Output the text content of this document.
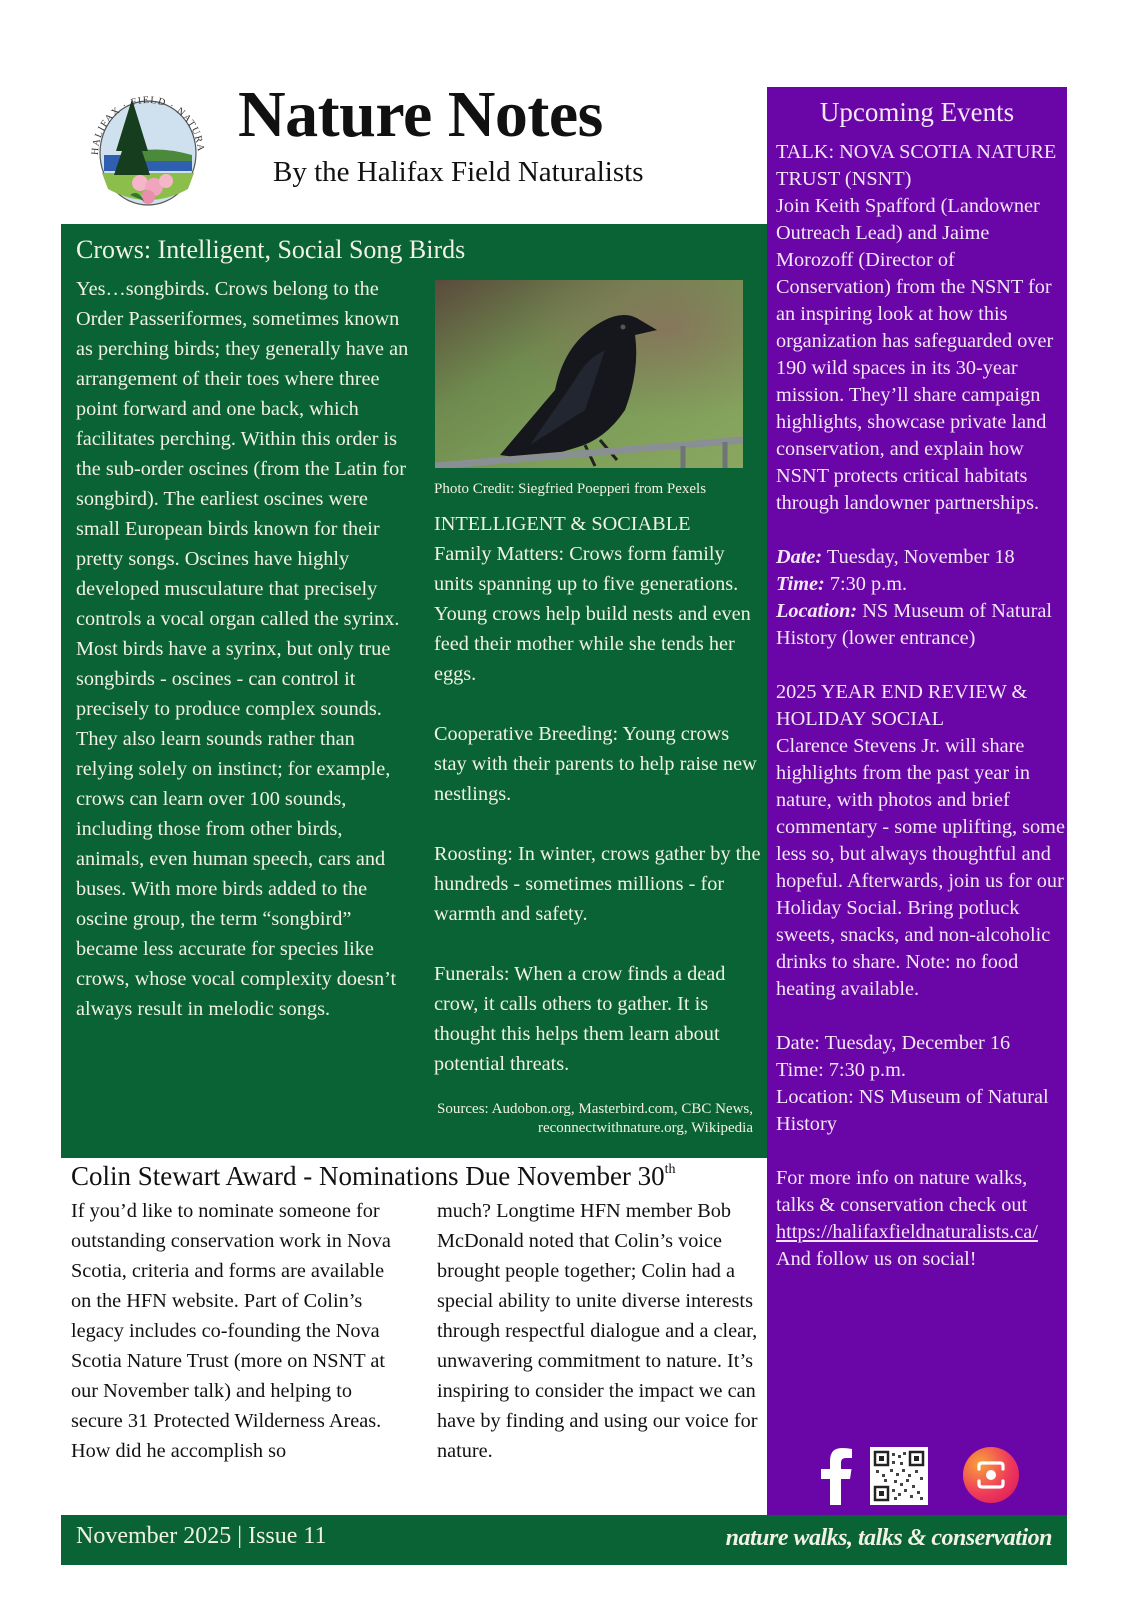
HALIFAX · FIELD · NATURA Nature Notes
By the Halifax Field Naturalists
Crows: Intelligent, Social Song Birds
Yes…songbirds. Crows belong to the Order Passeriformes, sometimes known as perching birds; they generally have an arrangement of their toes where three point forward and one back, which facilitates perching. Within this order is the sub-order oscines (from the Latin for songbird). The earliest oscines were small European birds known for their pretty songs. Oscines have highly developed musculature that precisely controls a vocal organ called the syrinx. Most birds have a syrinx, but only true songbirds - oscines - can control it precisely to produce complex sounds. They also learn sounds rather than relying solely on instinct; for example, crows can learn over 100 sounds, including those from other birds, animals, even human speech, cars and buses. With more birds added to the oscine group, the term “songbird” became less accurate for species like crows, whose vocal complexity doesn’t always result in melodic songs.
Photo Credit: Siegfried Poepperi from Pexels

INTELLIGENT & SOCIABLE

Family Matters: Crows form family units spanning up to five generations. Young crows help build nests and even feed their mother while she tends her eggs.

Cooperative Breeding: Young crows stay with their parents to help raise new nestlings.

Roosting: In winter, crows gather by the hundreds - sometimes millions - for warmth and safety.

Funerals: When a crow finds a dead crow, it calls others to gather. It is thought this helps them learn about potential threats.

Sources: Audobon.org, Masterbird.com, CBC News, reconnectwithnature.org, Wikipedia
Colin Stewart Award - Nominations Due November 30th
If you’d like to nominate someone for outstanding conservation work in Nova Scotia, criteria and forms are available on the HFN website. Part of Colin’s legacy includes co-founding the Nova Scotia Nature Trust (more on NSNT at our November talk) and helping to secure 31 Protected Wilderness Areas. How did he accomplish so
much? Longtime HFN member Bob McDonald noted that Colin’s voice brought people together; Colin had a special ability to unite diverse interests through respectful dialogue and a clear, unwavering commitment to nature. It’s inspiring to consider the impact we can have by finding and using our voice for nature.
Upcoming Events

TALK: NOVA SCOTIA NATURE TRUST (NSNT)

Join Keith Spafford (Landowner Outreach Lead) and Jaime Morozoff (Director of Conservation) from the NSNT for an inspiring look at how this organization has safeguarded over 190 wild spaces in its 30-year mission. They’ll share campaign highlights, showcase private land conservation, and explain how NSNT protects critical habitats through landowner partnerships.

Date: Tuesday, November 18
Time: 7:30 p.m.
Location: NS Museum of Natural History (lower entrance)

2025 YEAR END REVIEW & HOLIDAY SOCIAL

Clarence Stevens Jr. will share highlights from the past year in nature, with photos and brief commentary - some uplifting, some less so, but always thoughtful and hopeful. Afterwards, join us for our Holiday Social. Bring potluck sweets, snacks, and non-alcoholic drinks to share. Note: no food heating available.

Date: Tuesday, December 16
Time: 7:30 p.m.
Location: NS Museum of Natural History

For more info on nature walks, talks & conservation check out https://halifaxfieldnaturalists.ca/
And follow us on social!

November 2025 | Issue 11	nature walks, talks & conservation
